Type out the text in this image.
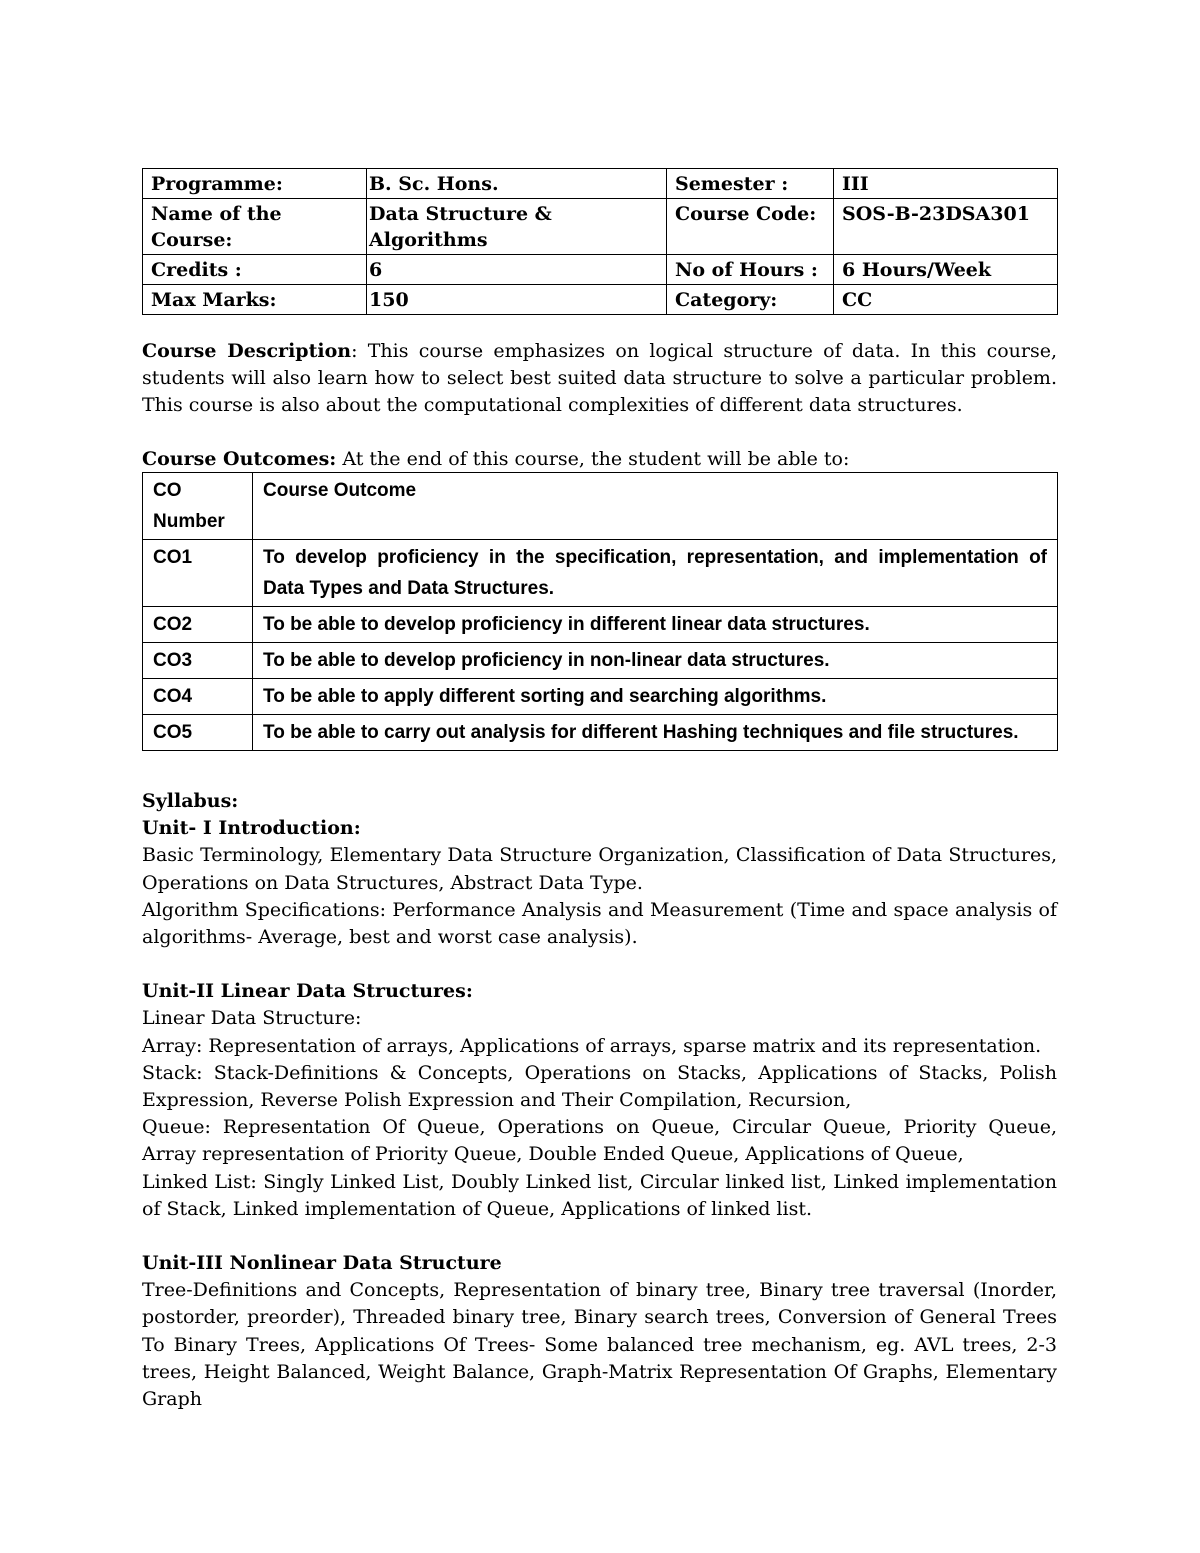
Programme:	B. Sc. Hons.	Semester :	III
Name of the Course:	Data Structure & Algorithms	Course Code:	SOS-B-23DSA301
Credits :	6	No of Hours :	6 Hours/Week
Max Marks:	150	Category:	CC
Course Description: This course emphasizes on logical structure of data. In this course, students will also learn how to select best suited data structure to solve a particular problem. This course is also about the computational complexities of different data structures.
Course Outcomes: At the end of this course, the student will be able to:
CO Number	Course Outcome
CO1	To develop proficiency in the specification, representation, and implementation of Data Types and Data Structures.
CO2	To be able to develop proficiency in different linear data structures.
CO3	To be able to develop proficiency in non-linear data structures.
CO4	To be able to apply different sorting and searching algorithms.
CO5	To be able to carry out analysis for different Hashing techniques and file structures.

Syllabus:

Unit- I Introduction:

Basic Terminology, Elementary Data Structure Organization, Classification of Data Structures, Operations on Data Structures, Abstract Data Type.

Algorithm Specifications: Performance Analysis and Measurement (Time and space analysis of algorithms- Average, best and worst case analysis).

Unit-II Linear Data Structures:

Linear Data Structure:

Array: Representation of arrays, Applications of arrays, sparse matrix and its representation.

Stack: Stack-Definitions & Concepts, Operations on Stacks, Applications of Stacks, Polish Expression, Reverse Polish Expression and Their Compilation, Recursion,

Queue: Representation Of Queue, Operations on Queue, Circular Queue, Priority Queue, Array representation of Priority Queue, Double Ended Queue, Applications of Queue,

Linked List: Singly Linked List, Doubly Linked list, Circular linked list, Linked implementation of Stack, Linked implementation of Queue, Applications of linked list.

Unit-III Nonlinear Data Structure

Tree-Definitions and Concepts, Representation of binary tree, Binary tree traversal (Inorder, postorder, preorder), Threaded binary tree, Binary search trees, Conversion of General Trees To Binary Trees, Applications Of Trees- Some balanced tree mechanism, eg. AVL trees, 2-3 trees, Height Balanced, Weight Balance, Graph-Matrix Representation Of Graphs, Elementary Graph
